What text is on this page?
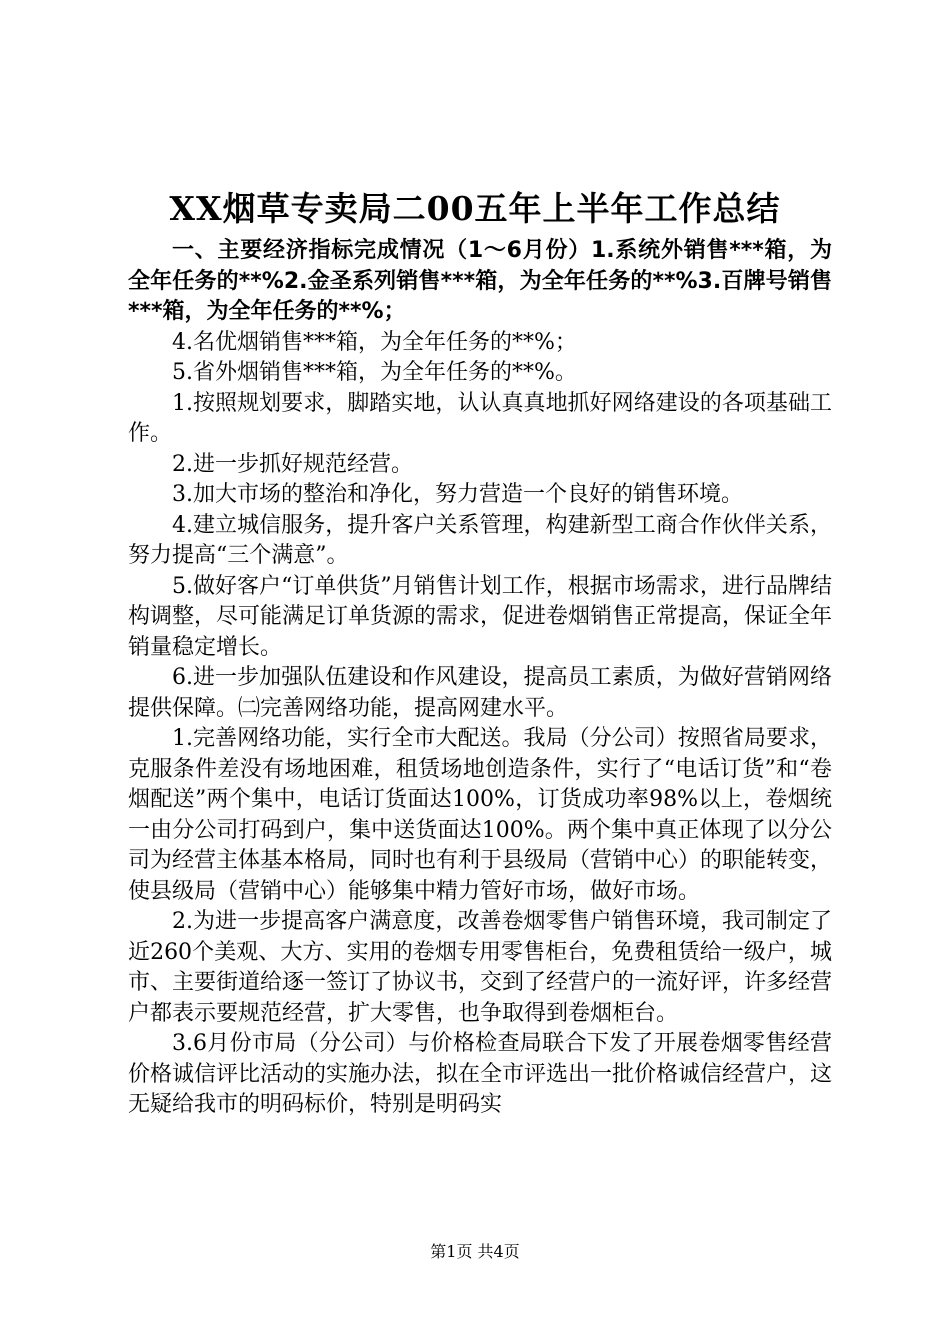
XX烟草专卖局二00五年上半年工作总结

一、主要经济指标完成情况（1～6月份）1.系统外销售***箱，为全年任务的**%2.金圣系列销售***箱，为全年任务的**%3.百牌号销售***箱，为全年任务的**%；

4.名优烟销售***箱，为全年任务的**%；

5.省外烟销售***箱，为全年任务的**%。

1.按照规划要求，脚踏实地，认认真真地抓好网络建设的各项基础工作。

2.进一步抓好规范经营。

3.加大市场的整治和净化，努力营造一个良好的销售环境。

4.建立城信服务，提升客户关系管理，构建新型工商合作伙伴关系，努力提高“三个满意”。

5.做好客户“订单供货”月销售计划工作，根据市场需求，进行品牌结构调整，尽可能满足订单货源的需求，促进卷烟销售正常提高，保证全年销量稳定增长。

6.进一步加强队伍建设和作风建设，提高员工素质，为做好营销网络提供保障。㈡完善网络功能，提高网建水平。

1.完善网络功能，实行全市大配送。我局（分公司）按照省局要求，克服条件差没有场地困难，租赁场地创造条件，实行了“电话订货”和“卷烟配送”两个集中，电话订货面达100%，订货成功率98%以上，卷烟统一由分公司打码到户，集中送货面达100%。两个集中真正体现了以分公司为经营主体基本格局，同时也有利于县级局（营销中心）的职能转变，使县级局（营销中心）能够集中精力管好市场，做好市场。

2.为进一步提高客户满意度，改善卷烟零售户销售环境，我司制定了近260个美观、大方、实用的卷烟专用零售柜台，免费租赁给一级户，城市、主要街道给逐一签订了协议书，交到了经营户的一流好评，许多经营户都表示要规范经营，扩大零售，也争取得到卷烟柜台。

3.6月份市局（分公司）与价格检查局联合下发了开展卷烟零售经营价格诚信评比活动的实施办法，拟在全市评选出一批价格诚信经营户，这无疑给我市的明码标价，特别是明码实

第1页 共4页
